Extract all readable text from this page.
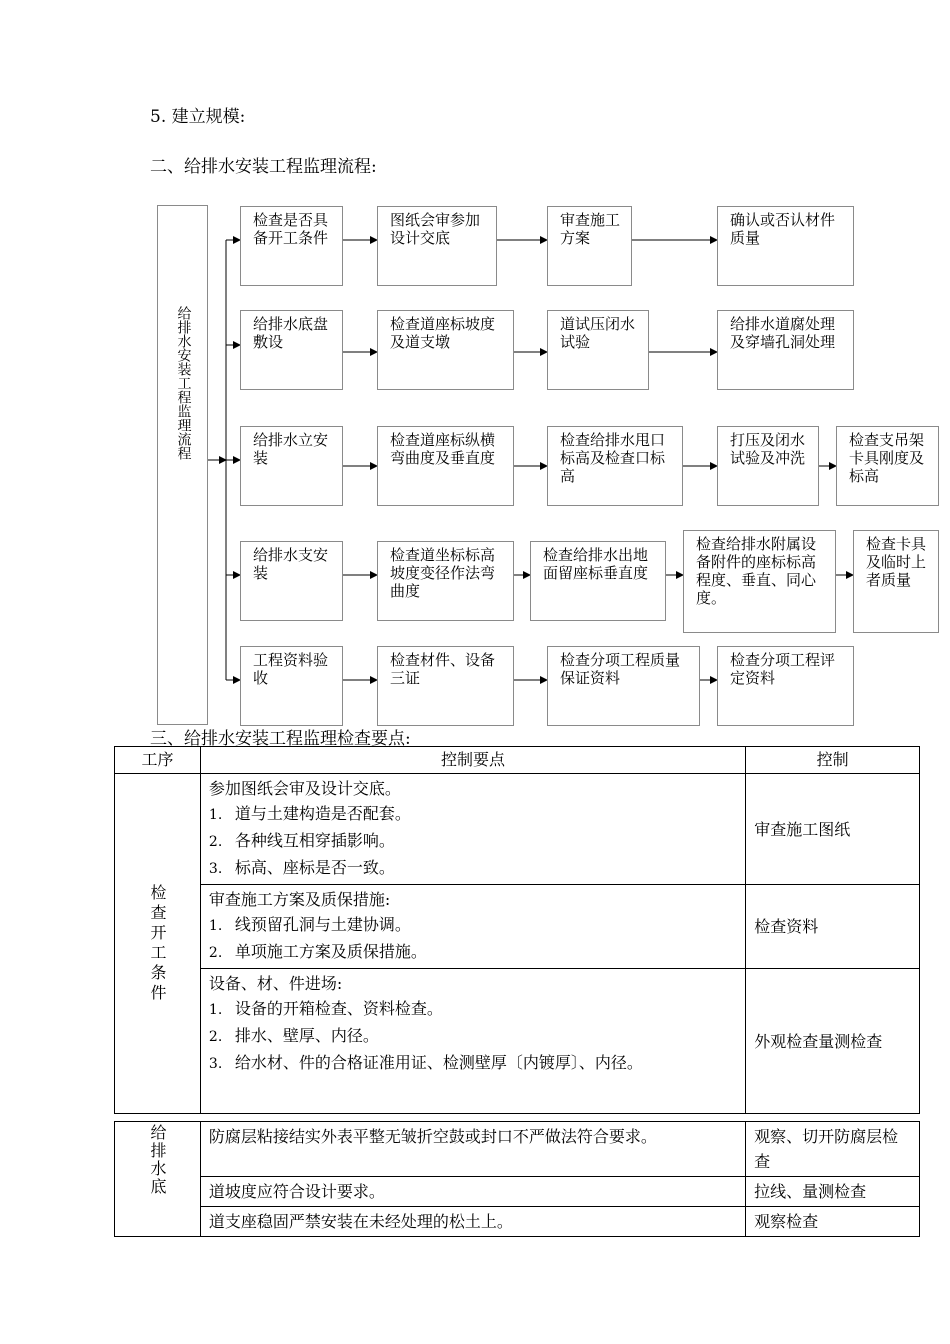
5. 建立规模:
二、给排水安装工程监理流程:
给排水安装工程监理流程
检查是否具备开工条件
图纸会审参加设计交底
审查施工方案
确认或否认材件质量
给排水底盘敷设
检查道座标坡度及道支墩
道试压闭水试验
给排水道腐处理及穿墙孔洞处理
给排水立安装
检查道座标纵横弯曲度及垂直度
检查给排水甩口标高及检查口标高
打压及闭水试验及冲洗
检查支吊架卡具刚度及标高
给排水支安装
检查道坐标标高坡度变径作法弯曲度
检查给排水出地面留座标垂直度
检查给排水附属设备附件的座标标高程度、垂直、同心度。
检查卡具及临时上者质量
工程资料验收
检查材件、设备三证
检查分项工程质量保证资料
检查分项工程评定资料
三、给排水安装工程监理检查要点:
工序	控制要点	控制

检查开工条件	参加图纸会审及设计交底。
1. 道与土建构造是否配套。
2. 各种线互相穿插影响。
3. 标高、座标是否一致。	审查施工图纸

	审查施工方案及质保措施:
1. 线预留孔洞与土建协调。
2. 单项施工方案及质保措施。	检查资料

	设备、材、件进场:
1. 设备的开箱检查、资料检查。
2. 排水、壁厚、内径。
3. 给水材、件的合格证准用证、检测壁厚〔内镀厚〕、内径。	外观检查量测检查
给排水底	防腐层粘接结实外表平整无皱折空鼓或封口不严做法符合要求。	观察、切开防腐层检查
	道坡度应符合设计要求。	拉线、量测检查
	道支座稳固严禁安装在未经处理的松土上。	观察检查
